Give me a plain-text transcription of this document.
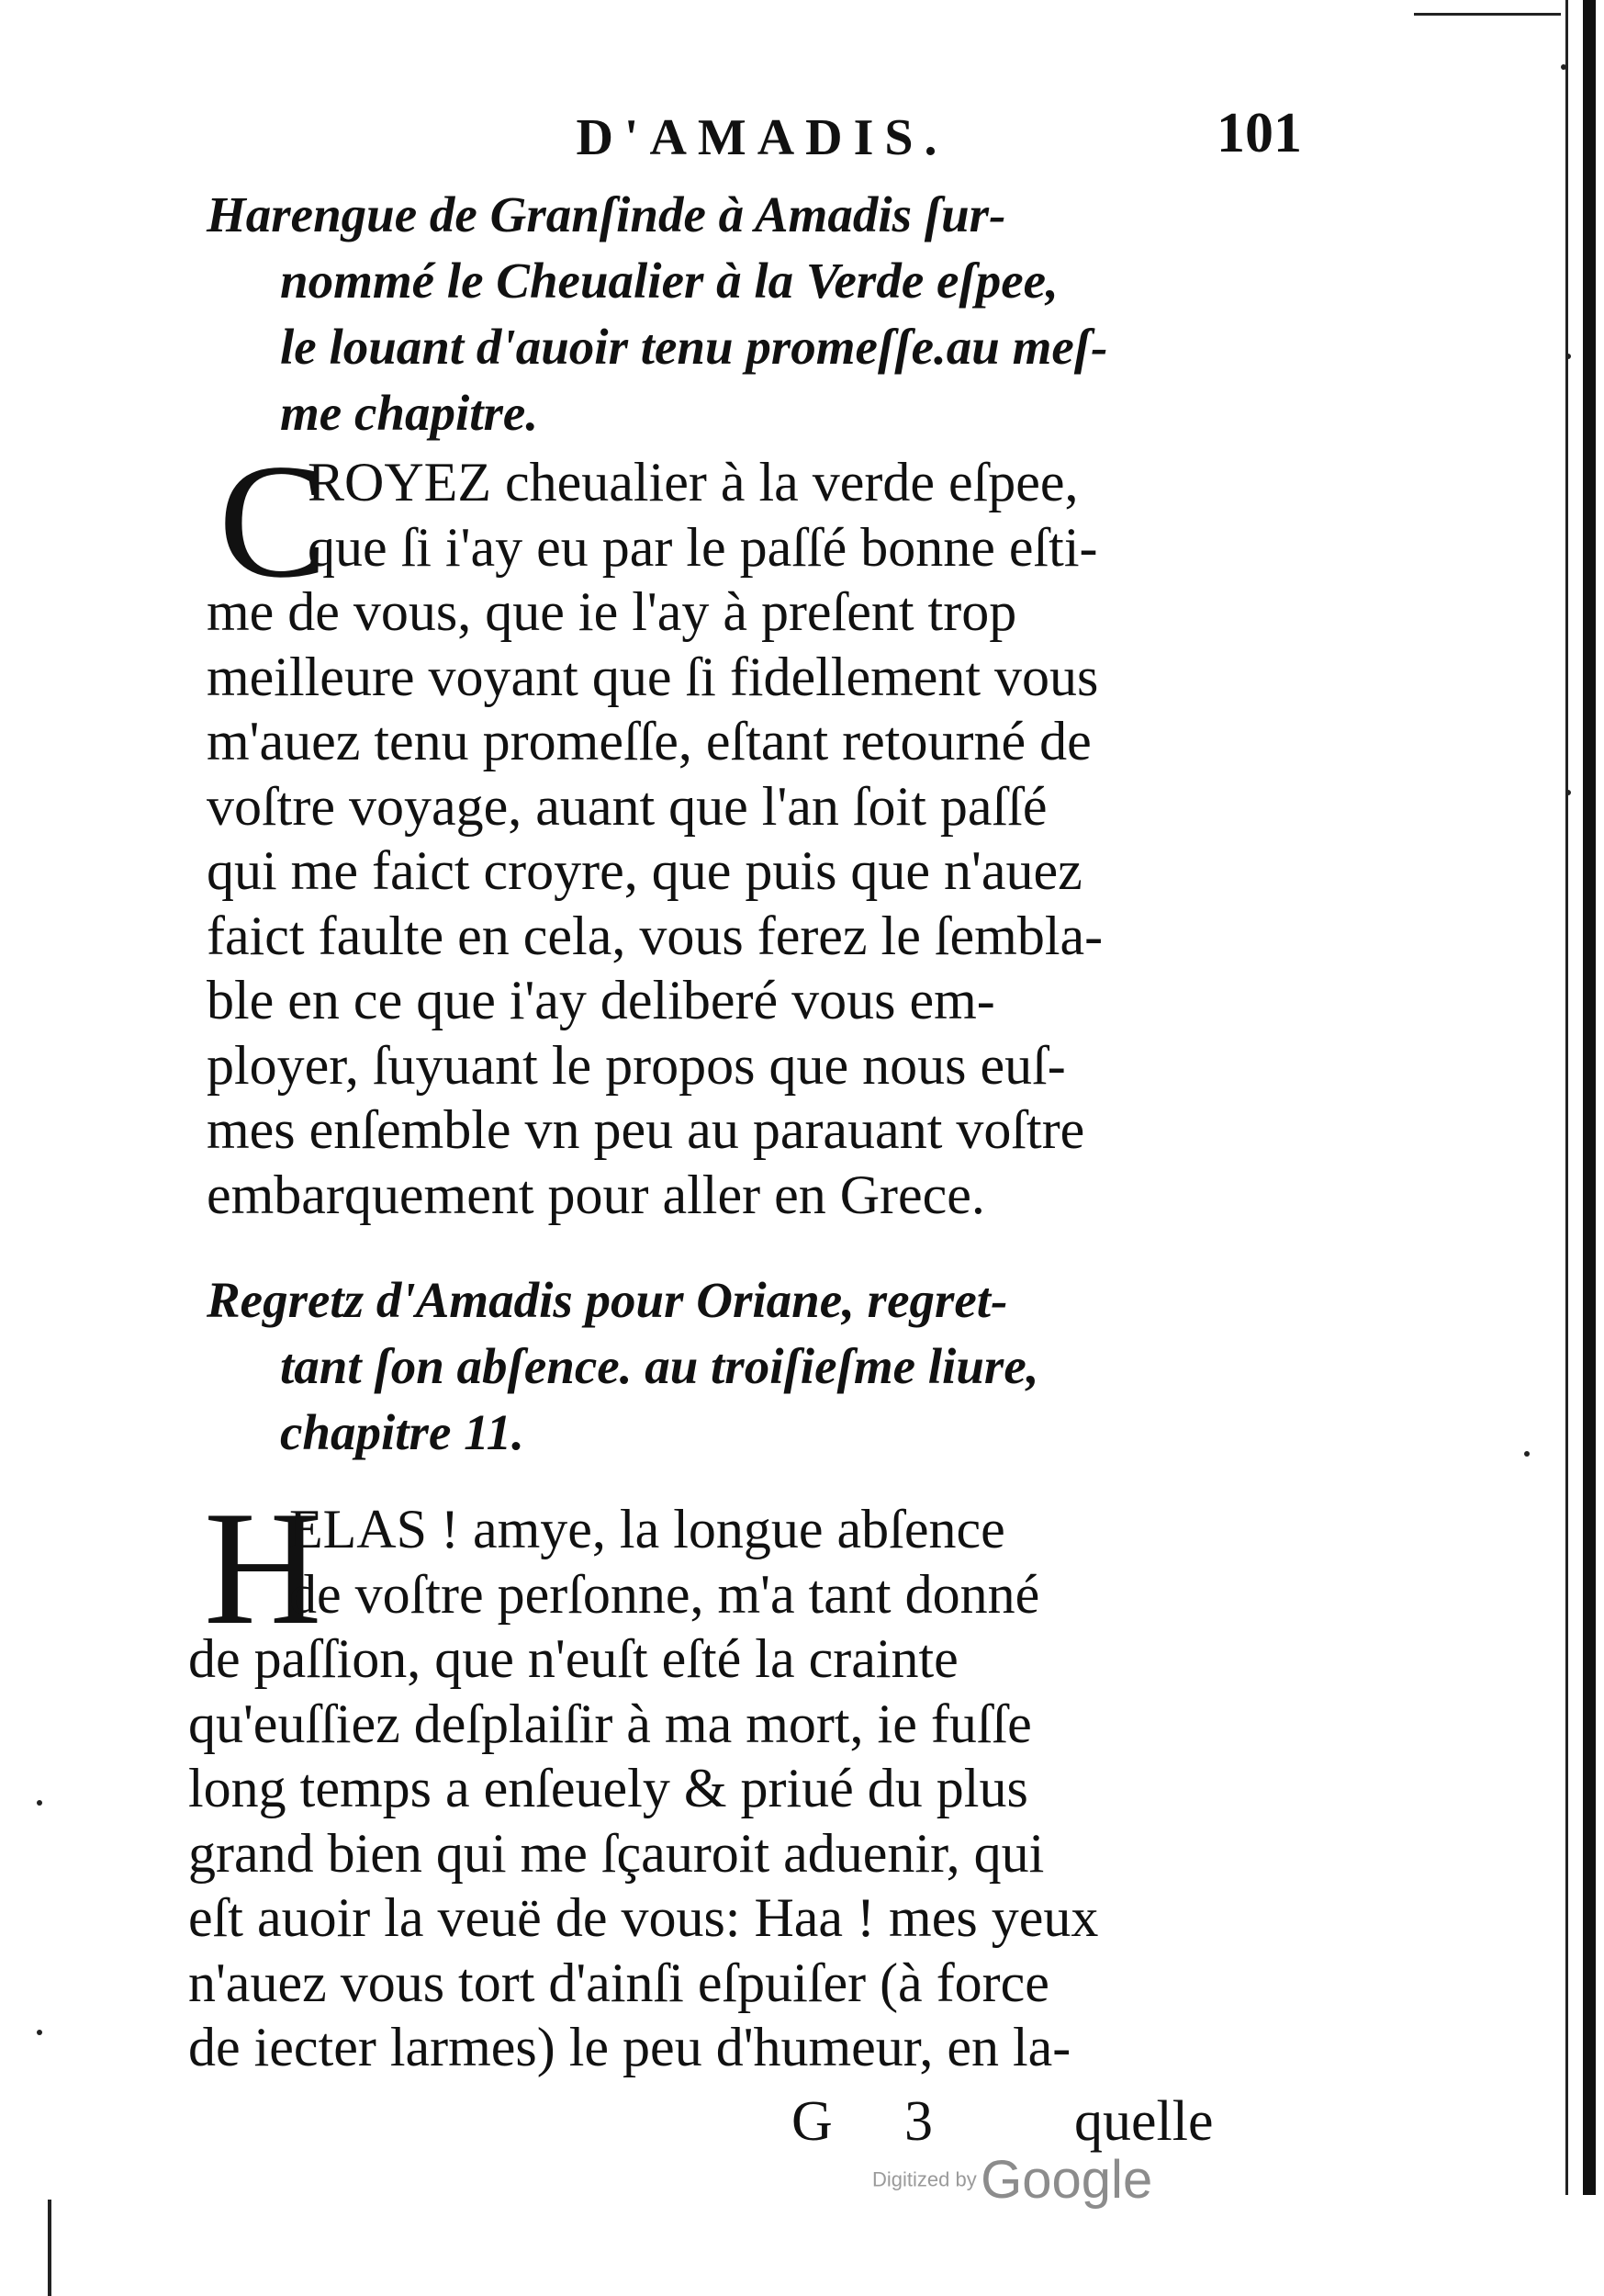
D'AMADIS.	101
Harengue de Granſinde à Amadis ſur-
nommé le Cheualier à la Verde eſpee,
le louant d'auoir tenu promeſſe.au meſ-
me chapitre.
C
ROYEZ cheualier à la verde eſpee,
que ſi i'ay eu par le paſſé bonne eſti-
me de vous, que ie l'ay à preſent trop
meilleure voyant que ſi fidellement vous
m'auez tenu promeſſe, eſtant retourné de
voſtre voyage, auant que l'an ſoit paſſé
qui me faict croyre, que puis que n'auez
faict faulte en cela, vous ferez le ſembla-
ble en ce que i'ay deliberé vous em-
ployer, ſuyuant le propos que nous euſ-
mes enſemble vn peu au parauant voſtre
embarquement pour aller en Grece.
Regretz d'Amadis pour Oriane, regret-
tant ſon abſence. au troiſieſme liure,
chapitre 11.
H
ELAS ! amye, la longue abſence
de voſtre perſonne, m'a tant donné
de paſſion, que n'euſt eſté la crainte
qu'euſſiez deſplaiſir à ma mort, ie fuſſe
long temps a enſeuely & priué du plus
grand bien qui me ſçauroit aduenir, qui
eſt auoir la veuë de vous: Haa ! mes yeux
n'auez vous tort d'ainſi eſpuiſer (à force
de iecter larmes) le peu d'humeur, en la-
G 3 quelle
Digitized by Google
